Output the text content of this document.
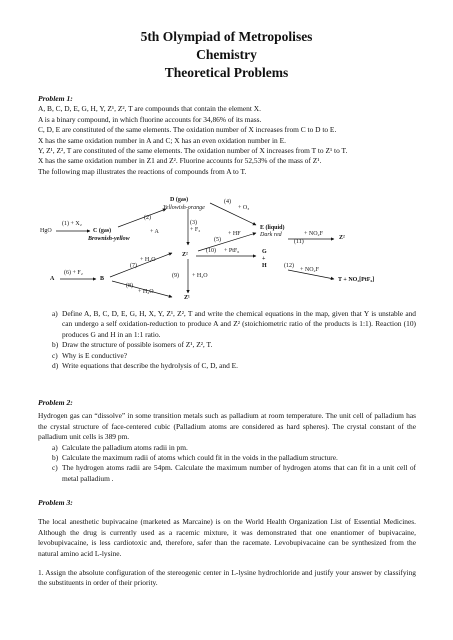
5th Olympiad of Metropolises
Chemistry
Theoretical Problems
Problem 1:
A, B, C, D, E, G, H, Y, Z¹, Z², T are compounds that contain the element X.
A is a binary compound, in which fluorine accounts for 34,86% of its mass.
C, D, E are constituted of the same elements. The oxidation number of X increases from C to D to E.
X has the same oxidation number in A and C; X has an even oxidation number in E.
Y, Z¹, Z², T are constituted of the same elements. The oxidation number of X increases from T to Z¹ to T.
X has the same oxidation number in Z1 and Z². Fluorine accounts for 52,53% of the mass of Z¹.
The following map illustrates the reactions of compounds from A to T.
HgO
(1) + X₂
C (gas)
Brownish-yellow
D (gas)
Yellowish-orange
(2)
+ A
(3)
+ F₂
(4)
+ O₃
(5)
+ HF
E (liquid)
Dark red
(11)
+ NO₂F
Z²
(10) + PtF₆
Z²	G
+
H	(12)
+ NO₂F
T + NO₂[PtF₆]
(7)
+ H₂O
(9) + H₂O
A
(6) + F₂
B
(8)
+ H₂O
Z¹
a) Define A, B, C, D, E, G, H, X, Y, Z¹, Z², T and write the chemical equations in the map, given that Y is unstable and can undergo a self oxidation-reduction to produce A and Z² (stoichiometric ratio of the products is 1:1). Reaction (10) produces G and H in an 1:1 ratio.
b) Draw the structure of possible isomers of Z¹, Z², T.
c) Why is E conductive?
d) Write equations that describe the hydrolysis of C, D, and E.
Problem 2:
Hydrogen gas can “dissolve” in some transition metals such as palladium at room temperature. The unit cell of palladium has the crystal structure of face-centered cubic (Palladium atoms are considered as hard spheres). The crystal constant of the palladium unit cells is 389 pm.
a) Calculate the palladium atoms radii in pm.
b) Calculate the maximum radii of atoms which could fit in the voids in the palladium structure.
c) The hydrogen atoms radii are 54pm. Calculate the maximum number of hydrogen atoms that can fit in a unit cell of metal palladium .
Problem 3:
The local anesthetic bupivacaine (marketed as Marcaine) is on the World Health Organization List of Essential Medicines. Although the drug is currently used as a racemic mixture, it was demonstrated that one enantiomer of bupivacaine, levobupivacaine, is less cardiotoxic and, therefore, safer than the racemate. Levobupivacaine can be synthesized from the natural amino acid L-lysine.
1. Assign the absolute configuration of the stereogenic center in L-lysine hydrochloride and justify your answer by classifying the substituents in order of their priority.
